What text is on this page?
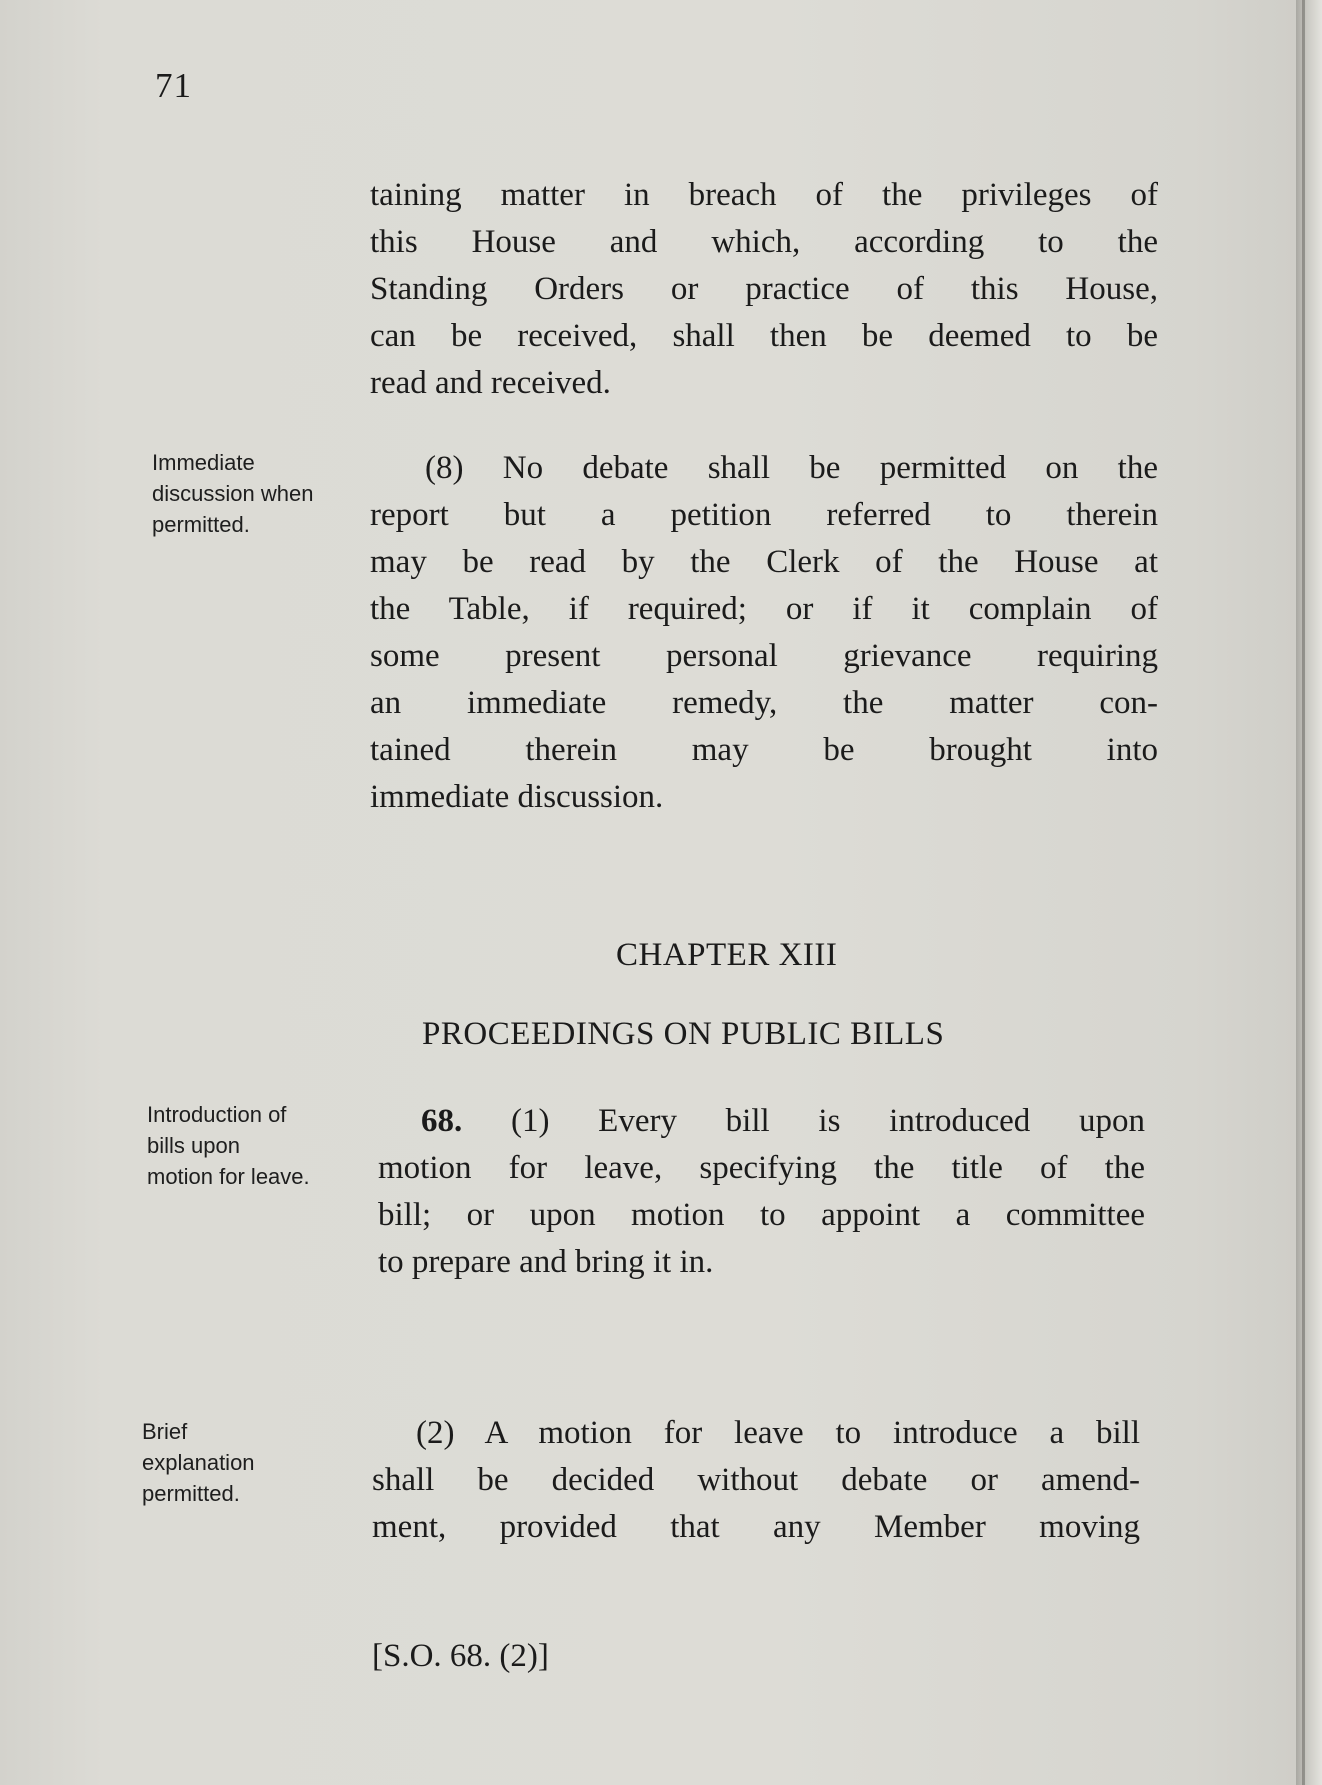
71
taining matter in breach of the privileges of
this House and which, according to the
Standing Orders or practice of this House,
can be received, shall then be deemed to be
read and received.
Immediate
discussion when
permitted.
(8) No debate shall be permitted on the
report but a petition referred to therein
may be read by the Clerk of the House at
the Table, if required; or if it complain of
some present personal grievance requiring
an immediate remedy, the matter con-
tained therein may be brought into
immediate discussion.
CHAPTER XIII
PROCEEDINGS ON PUBLIC BILLS
Introduction of
bills upon
motion for leave.
68. (1) Every bill is introduced upon
motion for leave, specifying the title of the
bill; or upon motion to appoint a committee
to prepare and bring it in.
Brief
explanation
permitted.
(2) A motion for leave to introduce a bill
shall be decided without debate or amend-
ment, provided that any Member moving
[S.O. 68. (2)]
